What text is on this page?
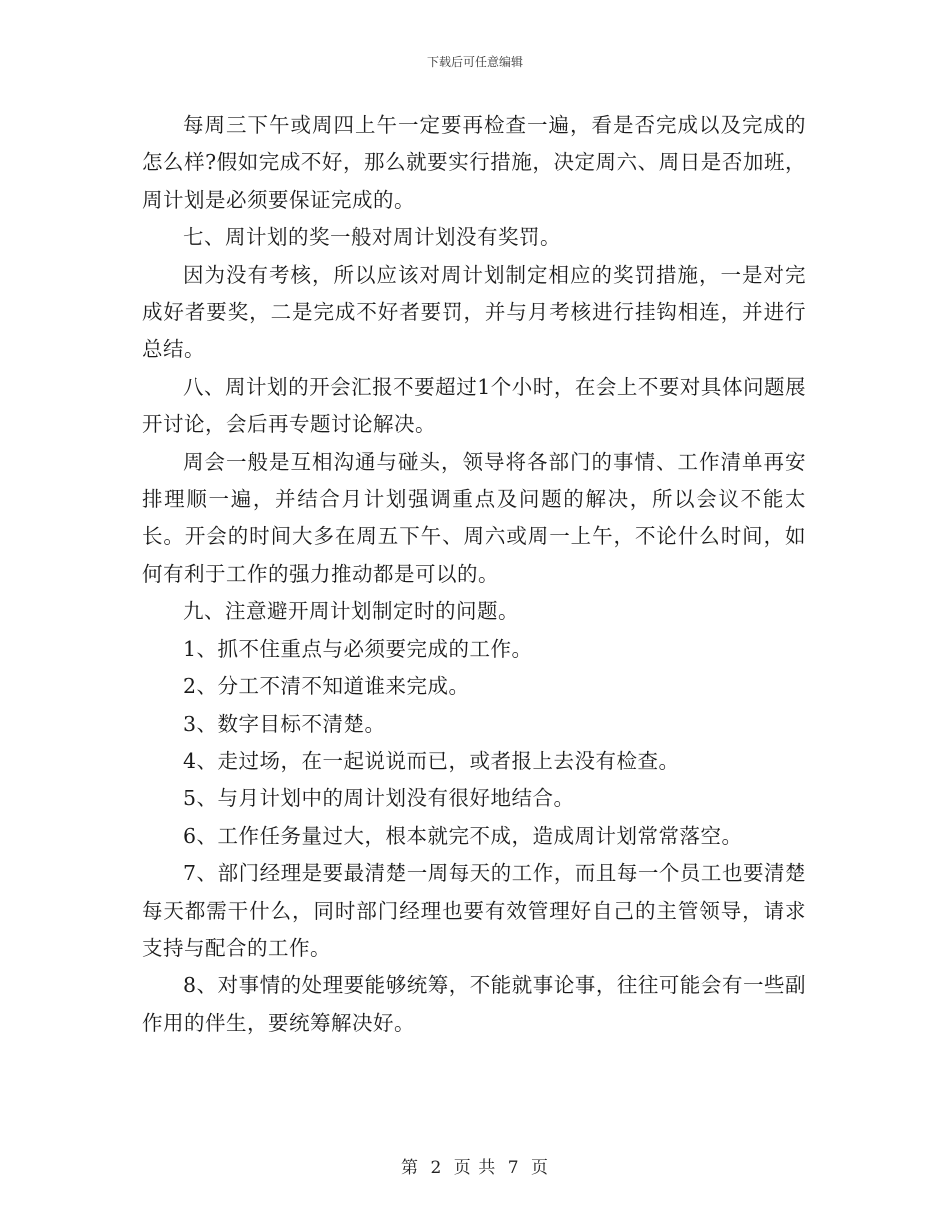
下载后可任意编辑

每周三下午或周四上午一定要再检查一遍，看是否完成以及完成的怎么样?假如完成不好，那么就要实行措施，决定周六、周日是否加班，周计划是必须要保证完成的。

七、周计划的奖一般对周计划没有奖罚。

因为没有考核，所以应该对周计划制定相应的奖罚措施，一是对完成好者要奖，二是完成不好者要罚，并与月考核进行挂钩相连，并进行总结。

八、周计划的开会汇报不要超过1个小时，在会上不要对具体问题展开讨论，会后再专题讨论解决。

周会一般是互相沟通与碰头，领导将各部门的事情、工作清单再安排理顺一遍，并结合月计划强调重点及问题的解决，所以会议不能太长。开会的时间大多在周五下午、周六或周一上午，不论什么时间，如何有利于工作的强力推动都是可以的。

九、注意避开周计划制定时的问题。

1、抓不住重点与必须要完成的工作。

2、分工不清不知道谁来完成。

3、数字目标不清楚。

4、走过场，在一起说说而已，或者报上去没有检查。

5、与月计划中的周计划没有很好地结合。

6、工作任务量过大，根本就完不成，造成周计划常常落空。

7、部门经理是要最清楚一周每天的工作，而且每一个员工也要清楚每天都需干什么，同时部门经理也要有效管理好自己的主管领导，请求支持与配合的工作。

8、对事情的处理要能够统筹，不能就事论事，往往可能会有一些副作用的伴生，要统筹解决好。

第 2 页 共 7 页
